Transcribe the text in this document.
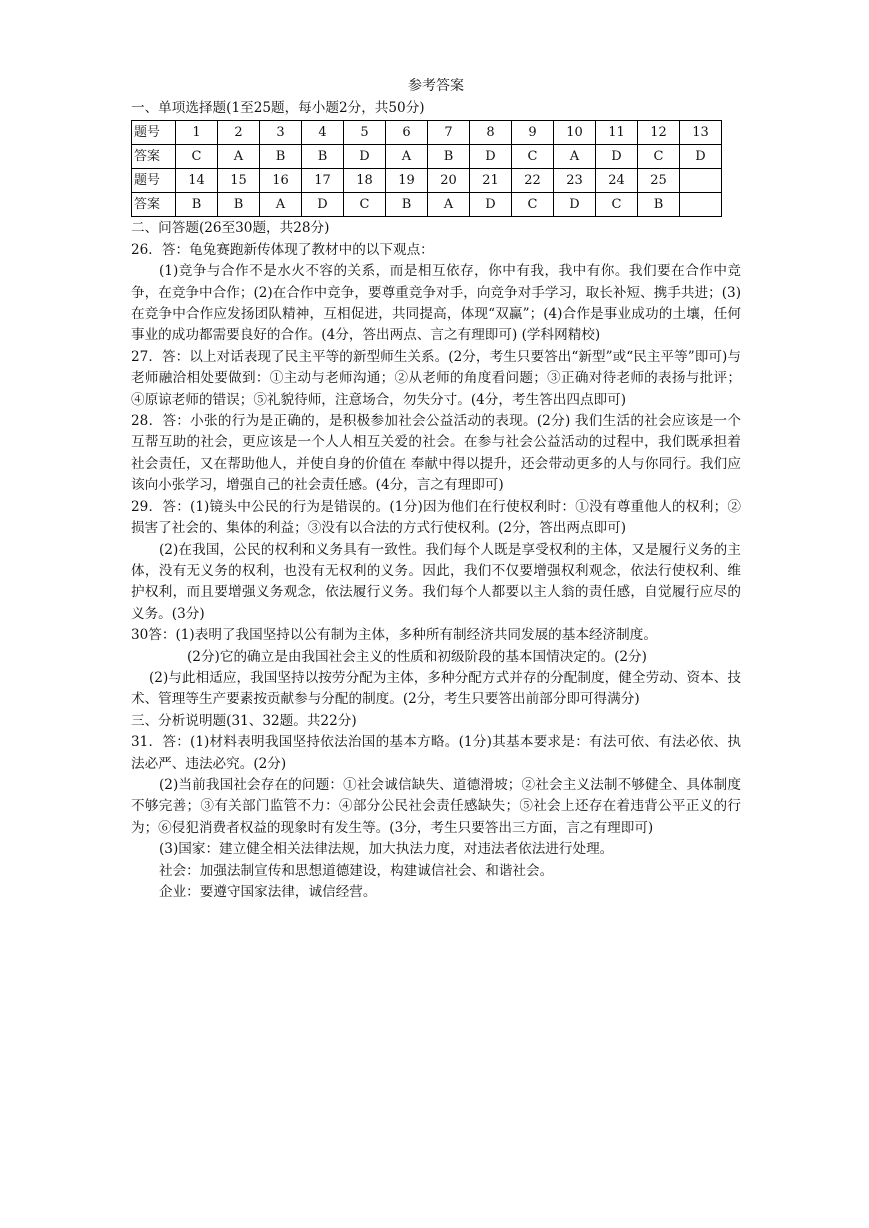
参考答案
一、单项选择题(1至25题，每小题2分，共50分)
题号	1	2	3	4	5	6	7	8	9	10	11	12	13
答案	C	A	B	B	D	A	B	D	C	A	D	C	D
题号	14	15	16	17	18	19	20	21	22	23	24	25	
答案	B	B	A	D	C	B	A	D	C	D	C	B	
二、问答题(26至30题，共28分)

26．答：龟兔赛跑新传体现了教材中的以下观点：

(1)竞争与合作不是水火不容的关系，而是相互依存，你中有我，我中有你。我们要在合作中竞争，在竞争中合作；(2)在合作中竞争，要尊重竞争对手，向竞争对手学习，取长补短、携手共进；(3)在竞争中合作应发扬团队精神，互相促进，共同提高，体现“双赢”；(4)合作是事业成功的土壤，任何事业的成功都需要良好的合作。(4分，答出两点、言之有理即可) (学科网精校)

27．答：以上对话表现了民主平等的新型师生关系。(2分，考生只要答出“新型”或“民主平等”即可)与老师融洽相处要做到：①主动与老师沟通；②从老师的角度看问题；③正确对待老师的表扬与批评；④原谅老师的错误；⑤礼貌待师，注意场合，勿失分寸。(4分，考生答出四点即可)

28．答：小张的行为是正确的，是积极参加社会公益活动的表现。(2分) 我们生活的社会应该是一个互帮互助的社会，更应该是一个人人相互关爱的社会。在参与社会公益活动的过程中，我们既承担着社会责任，又在帮助他人，并使自身的价值在 奉献中得以提升，还会带动更多的人与你同行。我们应该向小张学习，增强自己的社会责任感。(4分，言之有理即可)

29．答：(1)镜头中公民的行为是错误的。(1分)因为他们在行使权利时：①没有尊重他人的权利；②损害了社会的、集体的利益；③没有以合法的方式行使权利。(2分，答出两点即可)

(2)在我国，公民的权利和义务具有一致性。我们每个人既是享受权利的主体，又是履行义务的主体，没有无义务的权利，也没有无权利的义务。因此，我们不仅要增强权利观念，依法行使权利、维护权利，而且要增强义务观念，依法履行义务。我们每个人都要以主人翁的责任感，自觉履行应尽的义务。(3分)

30答：(1)表明了我国坚持以公有制为主体，多种所有制经济共同发展的基本经济制度。

(2分)它的确立是由我国社会主义的性质和初级阶段的基本国情决定的。(2分)

(2)与此相适应，我国坚持以按劳分配为主体，多种分配方式并存的分配制度，健全劳动、资本、技术、管理等生产要素按贡献参与分配的制度。(2分，考生只要答出前部分即可得满分)

三、分析说明题(31、32题。共22分)

31．答：(1)材料表明我国坚持依法治国的基本方略。(1分)其基本要求是：有法可依、有法必依、执法必严、违法必究。(2分)

(2)当前我国社会存在的问题：①社会诚信缺失、道德滑坡；②社会主义法制不够健全、具体制度不够完善；③有关部门监管不力：④部分公民社会责任感缺失；⑤社会上还存在着违背公平正义的行为；⑥侵犯消费者权益的现象时有发生等。(3分，考生只要答出三方面，言之有理即可)

(3)国家：建立健全相关法律法规，加大执法力度，对违法者依法进行处理。

社会：加强法制宣传和思想道德建设，构建诚信社会、和谐社会。

企业：要遵守国家法律，诚信经营。
